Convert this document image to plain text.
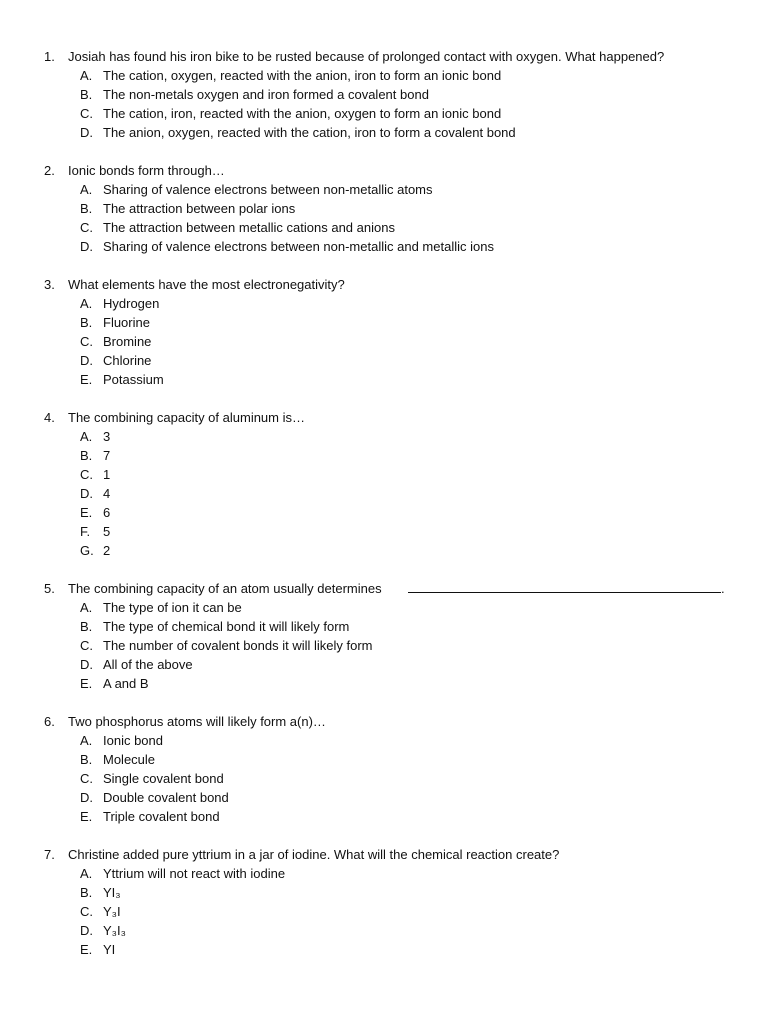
1.	Josiah has found his iron bike to be rusted because of prolonged contact with oxygen. What happened?
A. The cation, oxygen, reacted with the anion, iron to form an ionic bond
B. The non-metals oxygen and iron formed a covalent bond
C. The cation, iron, reacted with the anion, oxygen to form an ionic bond
D. The anion, oxygen, reacted with the cation, iron to form a covalent bond
2.	Ionic bonds form through…
A. Sharing of valence electrons between non-metallic atoms
B. The attraction between polar ions
C. The attraction between metallic cations and anions
D. Sharing of valence electrons between non-metallic and metallic ions
3.	What elements have the most electronegativity?
A. Hydrogen
B. Fluorine
C. Bromine
D. Chlorine
E. Potassium
4.	The combining capacity of aluminum is…
A. 3
B. 7
C. 1
D. 4
E. 6
F. 5
G. 2
5.	The combining capacity of an atom usually determines	.
A. The type of ion it can be
B. The type of chemical bond it will likely form
C. The number of covalent bonds it will likely form
D. All of the above
E. A and B
6.	Two phosphorus atoms will likely form a(n)…
A. Ionic bond
B. Molecule
C. Single covalent bond
D. Double covalent bond
E. Triple covalent bond
7.	Christine added pure yttrium in a jar of iodine. What will the chemical reaction create?
A. Yttrium will not react with iodine
B. YI₃
C. Y₃I
D. Y₃I₃
E. YI
